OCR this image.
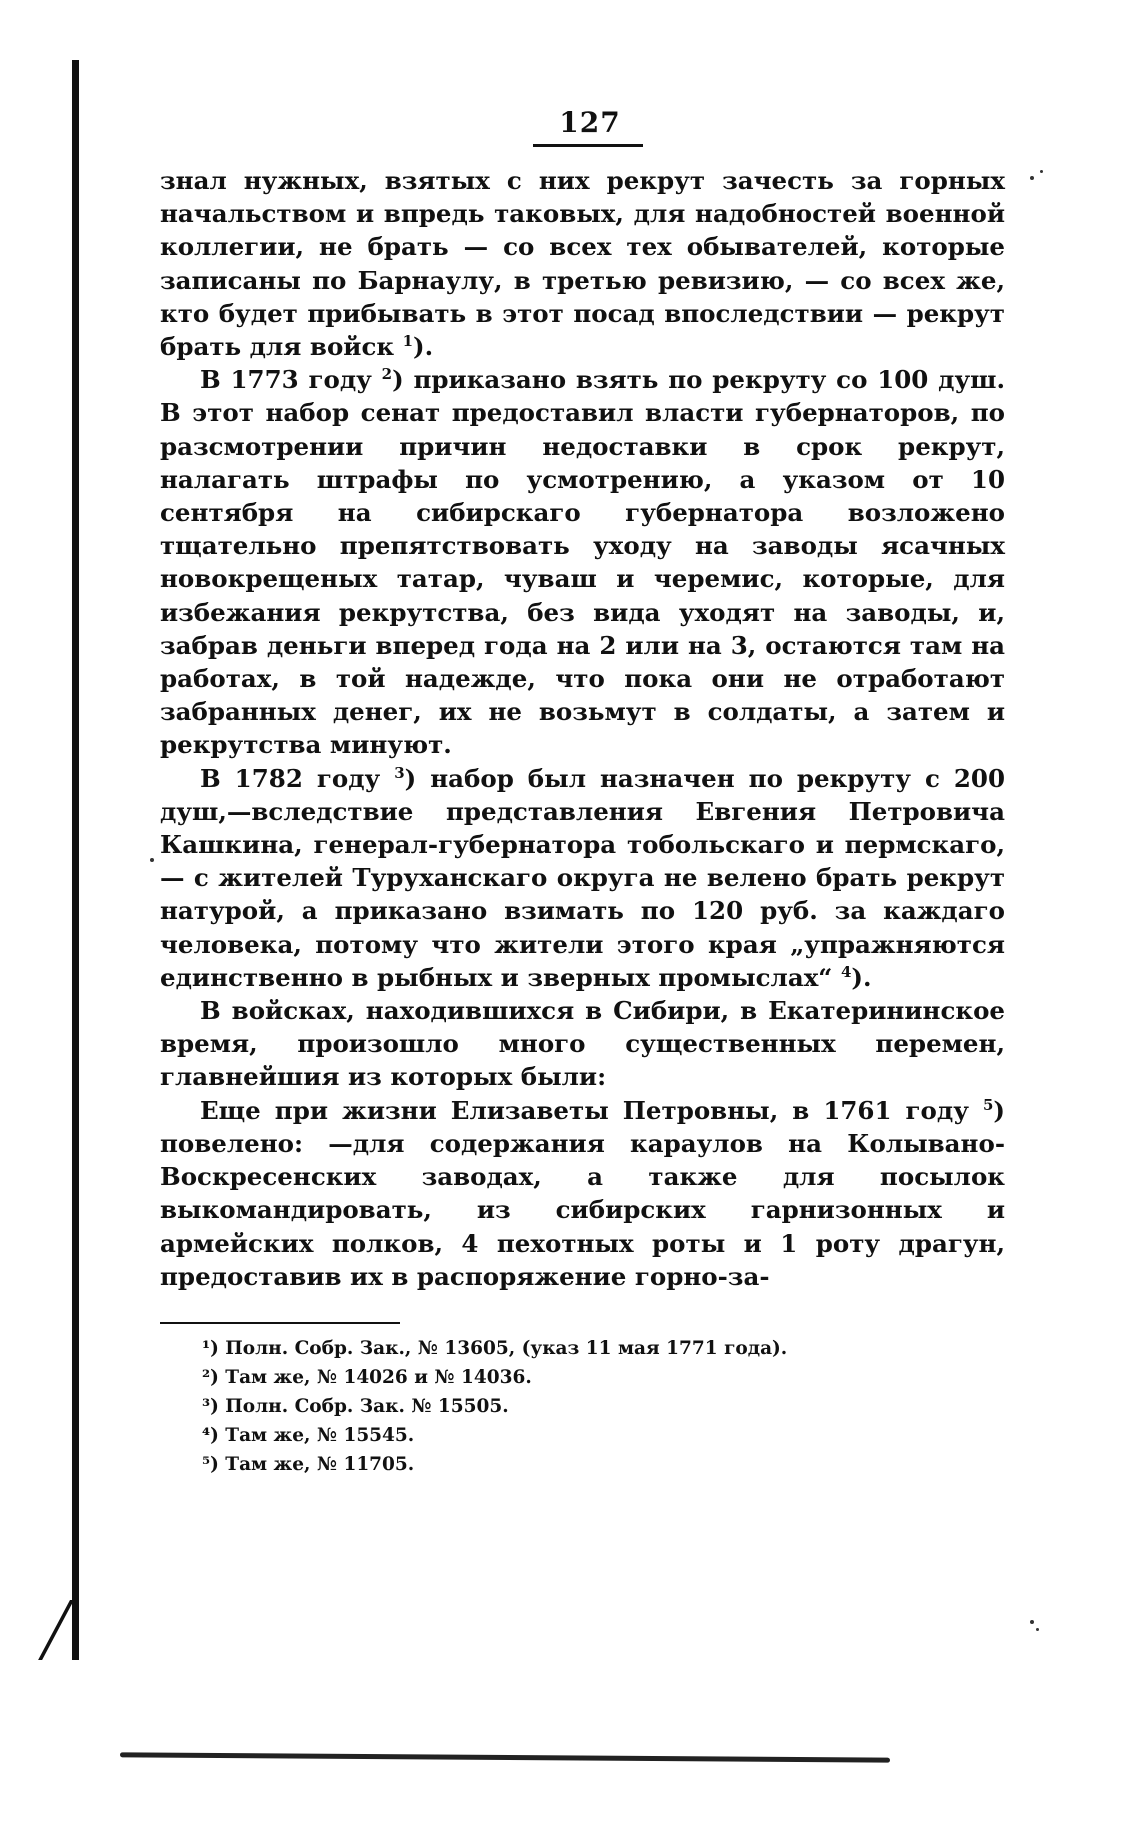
127

знал нужных, взятых с них рекрут зачесть за горных начальством и впредь таковых, для надобностей военной коллегии, не брать — со всех тех обывателей, которые записаны по Барнаулу, в третью ревизию, — со всех же, кто будет прибывать в этот посад впоследствии — рекрут брать для войск $^1$).

В 1773 году $^2$) приказано взять по рекруту со 100 душ. В этот набор сенат предоставил власти губернаторов, по разсмотрении причин недоставки в срок рекрут, налагать штрафы по усмотрению, а указом от 10 сентября на сибирскаго губернатора возложено тщательно препятствовать уходу на заводы ясачных новокрещеных татар, чуваш и черемис, которые, для избежания рекрутства, без вида уходят на заводы, и, забрав деньги вперед года на 2 или на 3, остаются там на работах, в той надежде, что пока они не отработают забранных денег, их не возьмут в солдаты, а затем и рекрутства минуют.

В 1782 году $^3$) набор был назначен по рекруту с 200 душ,—вследствие представления Евгения Петровича Кашкина, генерал-губернатора тобольскаго и пермскаго, — с жителей Туруханскаго округа не велено брать рекрут натурой, а приказано взимать по 120 руб. за каждаго человека, потому что жители этого края „упражняются единственно в рыбных и зверных промыслах“ $^4$).

В войсках, находившихся в Сибири, в Екатерининское время, произошло много существенных перемен, главнейшия из которых были:

Еще при жизни Елизаветы Петровны, в 1761 году $^5$) повелено: —для содержания караулов на Колывано-Воскресенских заводах, а также для посылок выкомандировать, из сибирских гарнизонных и армейских полков, 4 пехотных роты и 1 роту драгун, предоставив их в распоряжение горно-за-

¹) Полн. Собр. Зак., № 13605, (указ 11 мая 1771 года).
²) Там же, № 14026 и № 14036.
³) Полн. Собр. Зак. № 15505.
⁴) Там же, № 15545.
⁵) Там же, № 11705.
